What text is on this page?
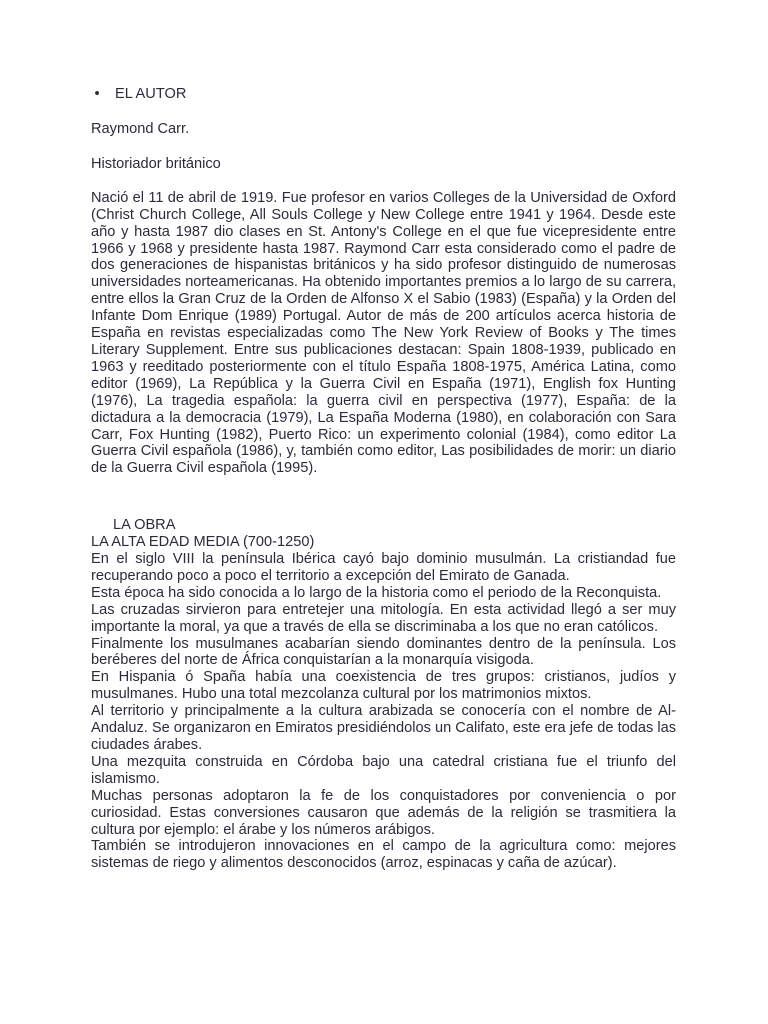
• EL AUTOR
Raymond Carr.
Historiador británico

Nació el 11 de abril de 1919. Fue profesor en varios Colleges de la Universidad de Oxford (Christ Church College, All Souls College y New College entre 1941 y 1964. Desde este año y hasta 1987 dio clases en St. Antony's College en el que fue vicepresidente entre 1966 y 1968 y presidente hasta 1987. Raymond Carr esta considerado como el padre de dos generaciones de hispanistas británicos y ha sido profesor distinguido de numerosas universidades norteamericanas. Ha obtenido importantes premios a lo largo de su carrera, entre ellos la Gran Cruz de la Orden de Alfonso X el Sabio (1983) (España) y la Orden del Infante Dom Enrique (1989) Portugal. Autor de más de 200 artículos acerca historia de España en revistas especializadas como The New York Review of Books y The times Literary Supplement. Entre sus publicaciones destacan: Spain 1808-1939, publicado en 1963 y reeditado posteriormente con el título España 1808-1975, América Latina, como editor (1969), La República y la Guerra Civil en España (1971), English fox Hunting (1976), La tragedia española: la guerra civil en perspectiva (1977), España: de la dictadura a la democracia (1979), La España Moderna (1980), en colaboración con Sara Carr, Fox Hunting (1982), Puerto Rico: un experimento colonial (1984), como editor La Guerra Civil española (1986), y, también como editor, Las posibilidades de morir: un diario de la Guerra Civil española (1995).

LA OBRA
LA ALTA EDAD MEDIA (700-1250)

En el siglo VIII la península Ibérica cayó bajo dominio musulmán. La cristiandad fue recuperando poco a poco el territorio a excepción del Emirato de Ganada.

Esta época ha sido conocida a lo largo de la historia como el periodo de la Reconquista.

Las cruzadas sirvieron para entretejer una mitología. En esta actividad llegó a ser muy importante la moral, ya que a través de ella se discriminaba a los que no eran católicos.

Finalmente los musulmanes acabarían siendo dominantes dentro de la península. Los beréberes del norte de África conquistarían a la monarquía visigoda.

En Hispania ó Spaña había una coexistencia de tres grupos: cristianos, judíos y musulmanes. Hubo una total mezcolanza cultural por los matrimonios mixtos.

Al territorio y principalmente a la cultura arabizada se conocería con el nombre de Al-Andaluz. Se organizaron en Emiratos presidiéndolos un Califato, este era jefe de todas las ciudades árabes.

Una mezquita construida en Córdoba bajo una catedral cristiana fue el triunfo del islamismo.

Muchas personas adoptaron la fe de los conquistadores por conveniencia o por curiosidad. Estas conversiones causaron que además de la religión se trasmitiera la cultura por ejemplo: el árabe y los números arábigos.

También se introdujeron innovaciones en el campo de la agricultura como: mejores sistemas de riego y alimentos desconocidos (arroz, espinacas y caña de azúcar).
